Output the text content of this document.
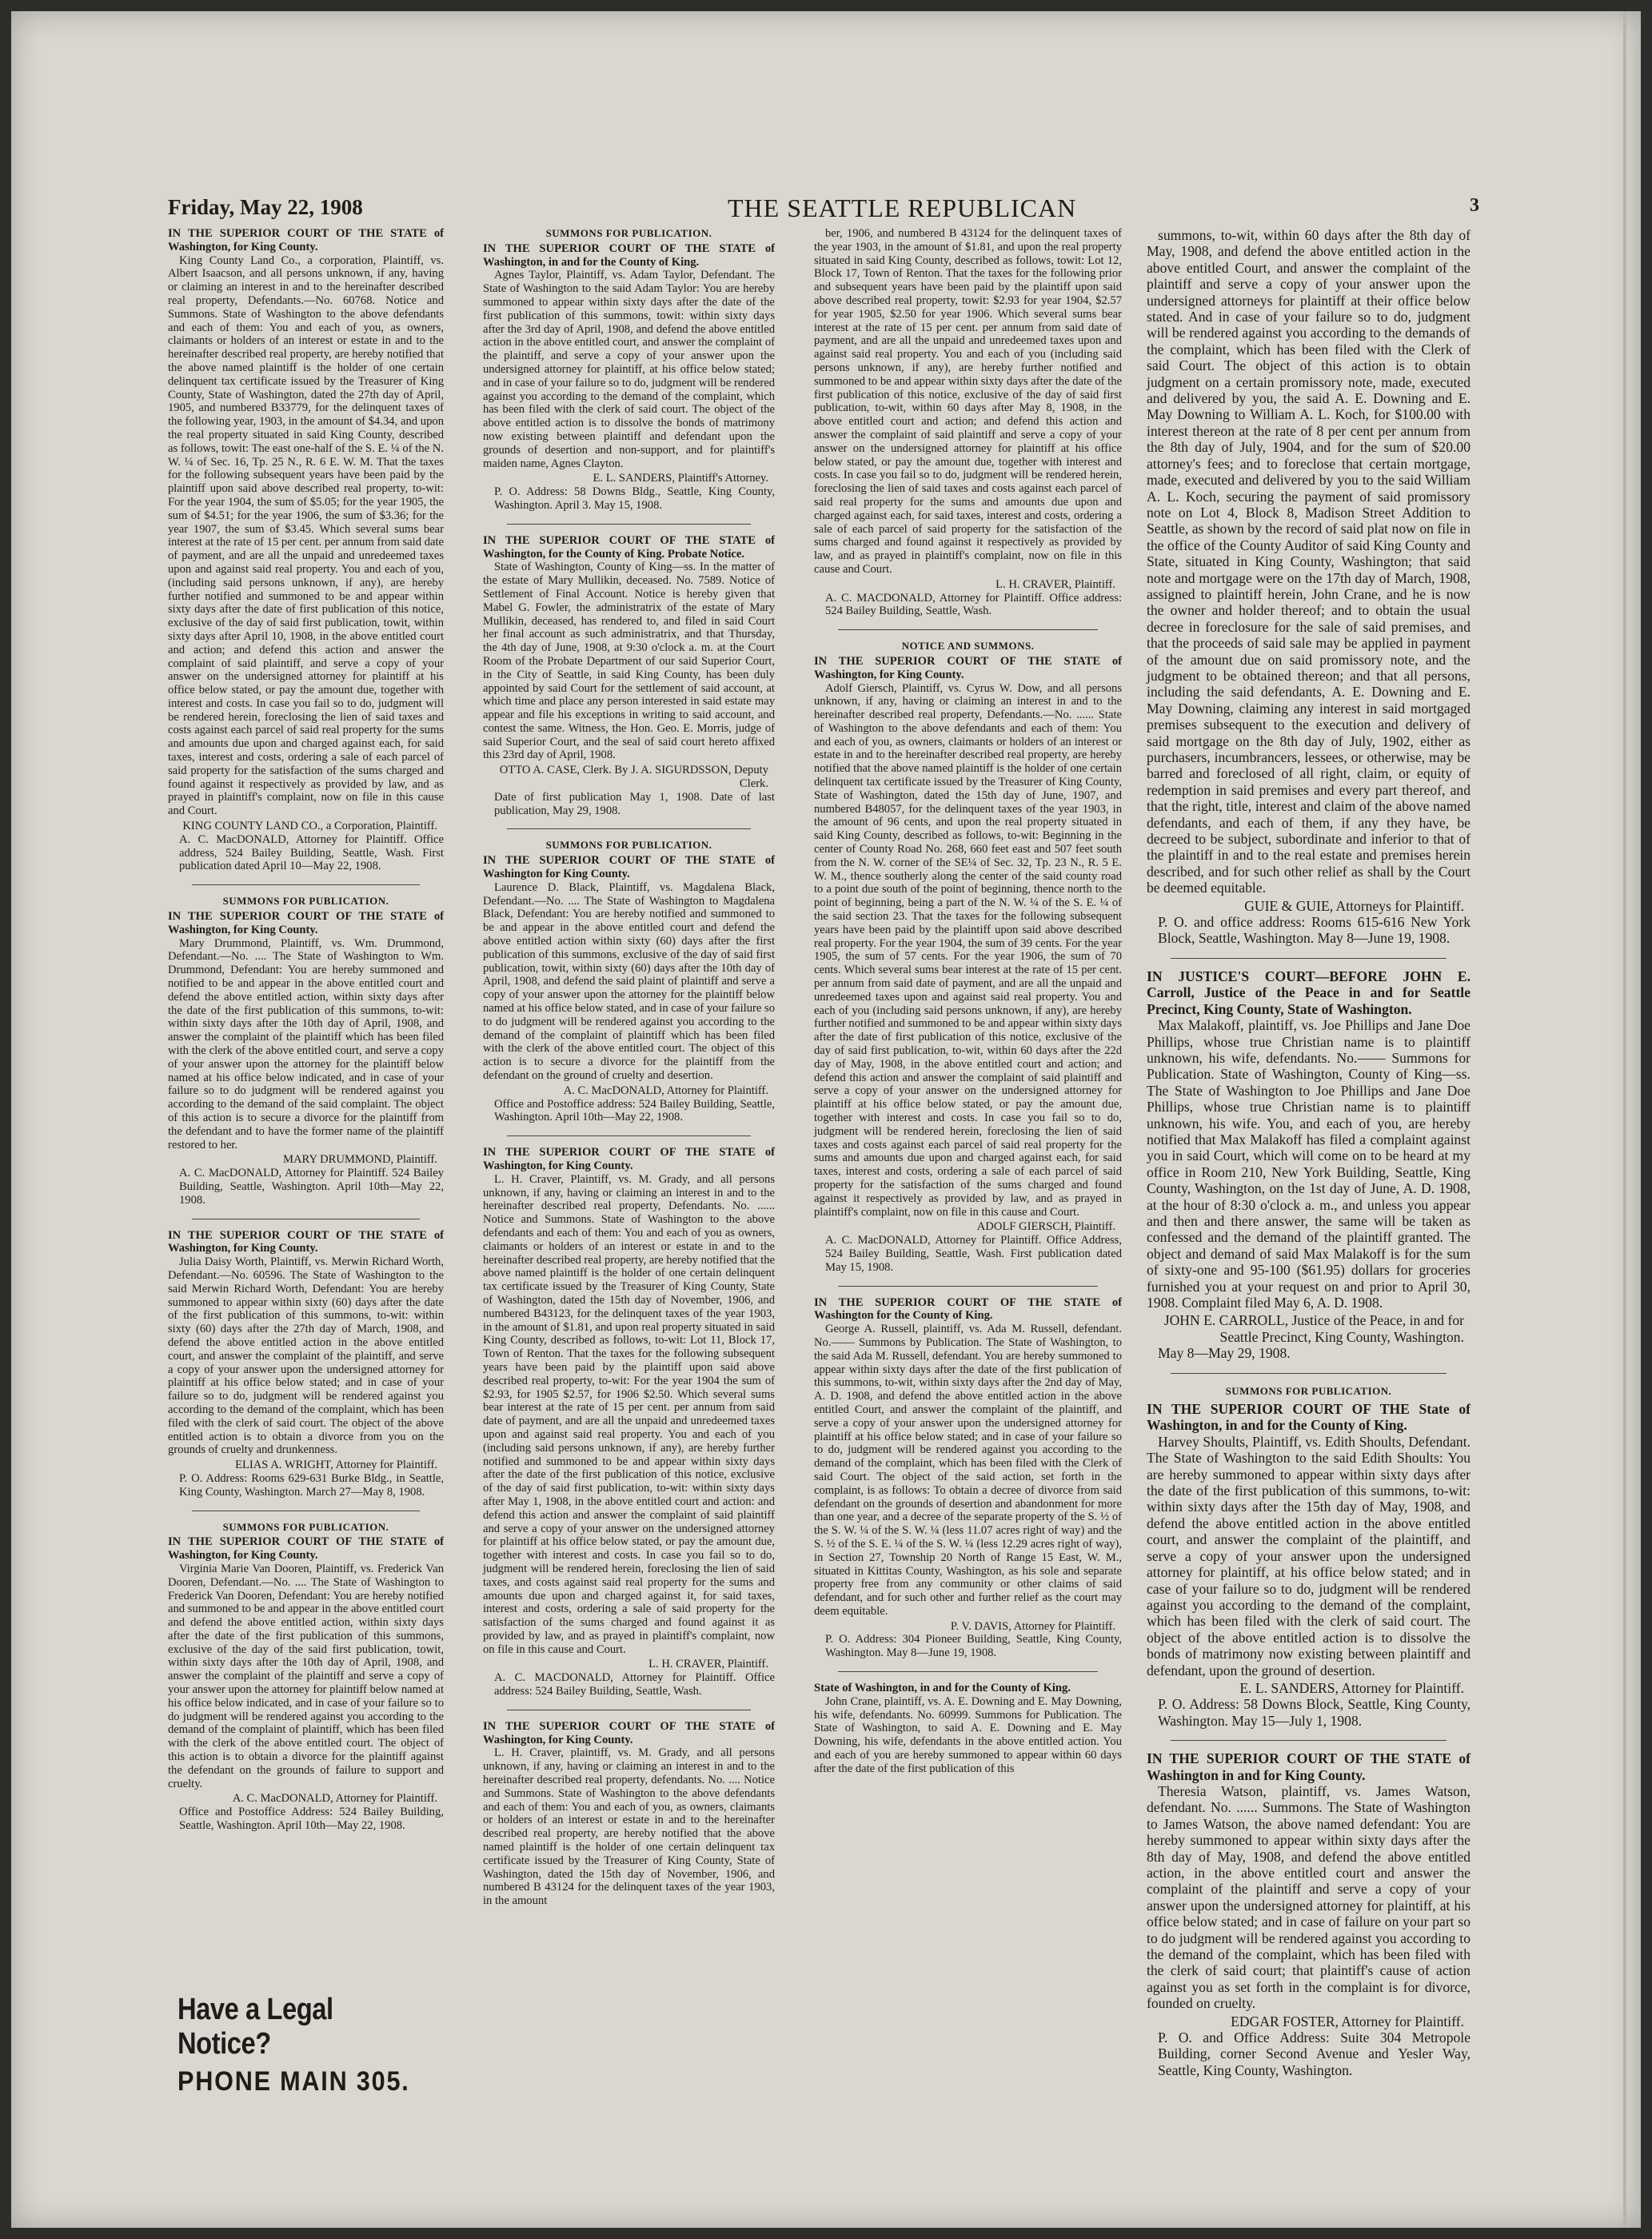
Friday, May 22, 1908	THE SEATTLE REPUBLICAN	3

IN THE SUPERIOR COURT OF THE STATE of Washington, for King County.

King County Land Co., a corporation, Plaintiff, vs. Albert Isaacson, and all persons unknown, if any, having or claiming an interest in and to the hereinafter described real property, Defendants.—No. 60768. Notice and Summons. State of Washington to the above defendants and each of them: You and each of you, as owners, claimants or holders of an interest or estate in and to the hereinafter described real property, are hereby notified that the above named plaintiff is the holder of one certain delinquent tax certificate issued by the Treasurer of King County, State of Washington, dated the 27th day of April, 1905, and numbered B33779, for the delinquent taxes of the following year, 1903, in the amount of $4.34, and upon the real property situated in said King County, described as follows, towit: The east one-half of the S. E. ¼ of the N. W. ¼ of Sec. 16, Tp. 25 N., R. 6 E. W. M. That the taxes for the following subsequent years have been paid by the plaintiff upon said above described real property, to-wit: For the year 1904, the sum of $5.05; for the year 1905, the sum of $4.51; for the year 1906, the sum of $3.36; for the year 1907, the sum of $3.45. Which several sums bear interest at the rate of 15 per cent. per annum from said date of payment, and are all the unpaid and unredeemed taxes upon and against said real property. You and each of you, (including said persons unknown, if any), are hereby further notified and summoned to be and appear within sixty days after the date of first publication of this notice, exclusive of the day of said first publication, towit, within sixty days after April 10, 1908, in the above entitled court and action; and defend this action and answer the complaint of said plaintiff, and serve a copy of your answer on the undersigned attorney for plaintiff at his office below stated, or pay the amount due, together with interest and costs. In case you fail so to do, judgment will be rendered herein, foreclosing the lien of said taxes and costs against each parcel of said real property for the sums and amounts due upon and charged against each, for said taxes, interest and costs, ordering a sale of each parcel of said property for the satisfaction of the sums charged and found against it respectively as provided by law, and as prayed in plaintiff's complaint, now on file in this cause and Court.

KING COUNTY LAND CO., a Corporation, Plaintiff.

A. C. MacDONALD, Attorney for Plaintiff. Office address, 524 Bailey Building, Seattle, Wash. First publication dated April 10—May 22, 1908.

SUMMONS FOR PUBLICATION.

IN THE SUPERIOR COURT OF THE STATE of Washington, for King County.

Mary Drummond, Plaintiff, vs. Wm. Drummond, Defendant.—No. .... The State of Washington to Wm. Drummond, Defendant: You are hereby summoned and notified to be and appear in the above entitled court and defend the above entitled action, within sixty days after the date of the first publication of this summons, to-wit: within sixty days after the 10th day of April, 1908, and answer the complaint of the plaintiff which has been filed with the clerk of the above entitled court, and serve a copy of your answer upon the attorney for the plaintiff below named at his office below indicated, and in case of your failure so to do judgment will be rendered against you according to the demand of the said complaint. The object of this action is to secure a divorce for the plaintiff from the defendant and to have the former name of the plaintiff restored to her.

MARY DRUMMOND, Plaintiff.

A. C. MacDONALD, Attorney for Plaintiff. 524 Bailey Building, Seattle, Washington. April 10th—May 22, 1908.

IN THE SUPERIOR COURT OF THE STATE of Washington, for King County.

Julia Daisy Worth, Plaintiff, vs. Merwin Richard Worth, Defendant.—No. 60596. The State of Washington to the said Merwin Richard Worth, Defendant: You are hereby summoned to appear within sixty (60) days after the date of the first publication of this summons, to-wit: within sixty (60) days after the 27th day of March, 1908, and defend the above entitled action in the above entitled court, and answer the complaint of the plaintiff, and serve a copy of your answer upon the undersigned attorney for plaintiff at his office below stated; and in case of your failure so to do, judgment will be rendered against you according to the demand of the complaint, which has been filed with the clerk of said court. The object of the above entitled action is to obtain a divorce from you on the grounds of cruelty and drunkenness.

ELIAS A. WRIGHT, Attorney for Plaintiff.

P. O. Address: Rooms 629-631 Burke Bldg., in Seattle, King County, Washington. March 27—May 8, 1908.

SUMMONS FOR PUBLICATION.

IN THE SUPERIOR COURT OF THE STATE of Washington, for King County.

Virginia Marie Van Dooren, Plaintiff, vs. Frederick Van Dooren, Defendant.—No. .... The State of Washington to Frederick Van Dooren, Defendant: You are hereby notified and summoned to be and appear in the above entitled court and defend the above entitled action, within sixty days after the date of the first publication of this summons, exclusive of the day of the said first publication, towit, within sixty days after the 10th day of April, 1908, and answer the complaint of the plaintiff and serve a copy of your answer upon the attorney for plaintiff below named at his office below indicated, and in case of your failure so to do judgment will be rendered against you according to the demand of the complaint of plaintiff, which has been filed with the clerk of the above entitled court. The object of this action is to obtain a divorce for the plaintiff against the defendant on the grounds of failure to support and cruelty.

A. C. MacDONALD, Attorney for Plaintiff.

Office and Postoffice Address: 524 Bailey Building, Seattle, Washington. April 10th—May 22, 1908.

SUMMONS FOR PUBLICATION.

IN THE SUPERIOR COURT OF THE STATE of Washington, in and for the County of King.

Agnes Taylor, Plaintiff, vs. Adam Taylor, Defendant. The State of Washington to the said Adam Taylor: You are hereby summoned to appear within sixty days after the date of the first publication of this summons, towit: within sixty days after the 3rd day of April, 1908, and defend the above entitled action in the above entitled court, and answer the complaint of the plaintiff, and serve a copy of your answer upon the undersigned attorney for plaintiff, at his office below stated; and in case of your failure so to do, judgment will be rendered against you according to the demand of the complaint, which has been filed with the clerk of said court. The object of the above entitled action is to dissolve the bonds of matrimony now existing between plaintiff and defendant upon the grounds of desertion and non-support, and for plaintiff's maiden name, Agnes Clayton.

E. L. SANDERS, Plaintiff's Attorney.

P. O. Address: 58 Downs Bldg., Seattle, King County, Washington. April 3. May 15, 1908.

IN THE SUPERIOR COURT OF THE STATE of Washington, for the County of King. Probate Notice.

State of Washington, County of King—ss. In the matter of the estate of Mary Mullikin, deceased. No. 7589. Notice of Settlement of Final Account. Notice is hereby given that Mabel G. Fowler, the administratrix of the estate of Mary Mullikin, deceased, has rendered to, and filed in said Court her final account as such administratrix, and that Thursday, the 4th day of June, 1908, at 9:30 o'clock a. m. at the Court Room of the Probate Department of our said Superior Court, in the City of Seattle, in said King County, has been duly appointed by said Court for the settlement of said account, at which time and place any person interested in said estate may appear and file his exceptions in writing to said account, and contest the same. Witness, the Hon. Geo. E. Morris, judge of said Superior Court, and the seal of said court hereto affixed this 23rd day of April, 1908.

OTTO A. CASE, Clerk. By J. A. SIGURDSSON, Deputy Clerk.

Date of first publication May 1, 1908. Date of last publication, May 29, 1908.

SUMMONS FOR PUBLICATION.

IN THE SUPERIOR COURT OF THE STATE of Washington for King County.

Laurence D. Black, Plaintiff, vs. Magdalena Black, Defendant.—No. .... The State of Washington to Magdalena Black, Defendant: You are hereby notified and summoned to be and appear in the above entitled court and defend the above entitled action within sixty (60) days after the first publication of this summons, exclusive of the day of said first publication, towit, within sixty (60) days after the 10th day of April, 1908, and defend the said plaint of plaintiff and serve a copy of your answer upon the attorney for the plaintiff below named at his office below stated, and in case of your failure so to do judgment will be rendered against you according to the demand of the complaint of plaintiff which has been filed with the clerk of the above entitled court. The object of this action is to secure a divorce for the plaintiff from the defendant on the ground of cruelty and desertion.

A. C. MacDONALD, Attorney for Plaintiff.

Office and Postoffice address: 524 Bailey Building, Seattle, Washington. April 10th—May 22, 1908.

IN THE SUPERIOR COURT OF THE STATE of Washington, for King County.

L. H. Craver, Plaintiff, vs. M. Grady, and all persons unknown, if any, having or claiming an interest in and to the hereinafter described real property, Defendants. No. ...... Notice and Summons. State of Washington to the above defendants and each of them: You and each of you as owners, claimants or holders of an interest or estate in and to the hereinafter described real property, are hereby notified that the above named plaintiff is the holder of one certain delinquent tax certificate issued by the Treasurer of King County, State of Washington, dated the 15th day of November, 1906, and numbered B43123, for the delinquent taxes of the year 1903, in the amount of $1.81, and upon real property situated in said King County, described as follows, to-wit: Lot 11, Block 17, Town of Renton. That the taxes for the following subsequent years have been paid by the plaintiff upon said above described real property, to-wit: For the year 1904 the sum of $2.93, for 1905 $2.57, for 1906 $2.50. Which several sums bear interest at the rate of 15 per cent. per annum from said date of payment, and are all the unpaid and unredeemed taxes upon and against said real property. You and each of you (including said persons unknown, if any), are hereby further notified and summoned to be and appear within sixty days after the date of the first publication of this notice, exclusive of the day of said first publication, to-wit: within sixty days after May 1, 1908, in the above entitled court and action: and defend this action and answer the complaint of said plaintiff and serve a copy of your answer on the undersigned attorney for plaintiff at his office below stated, or pay the amount due, together with interest and costs. In case you fail so to do, judgment will be rendered herein, foreclosing the lien of said taxes, and costs against said real property for the sums and amounts due upon and charged against it, for said taxes, interest and costs, ordering a sale of said property for the satisfaction of the sums charged and found against it as provided by law, and as prayed in plaintiff's complaint, now on file in this cause and Court.

L. H. CRAVER, Plaintiff.

A. C. MACDONALD, Attorney for Plaintiff. Office address: 524 Bailey Building, Seattle, Wash.

IN THE SUPERIOR COURT OF THE STATE of Washington, for King County.

L. H. Craver, plaintiff, vs. M. Grady, and all persons unknown, if any, having or claiming an interest in and to the hereinafter described real property, defendants. No. .... Notice and Summons. State of Washington to the above defendants and each of them: You and each of you, as owners, claimants or holders of an interest or estate in and to the hereinafter described real property, are hereby notified that the above named plaintiff is the holder of one certain delinquent tax certificate issued by the Treasurer of King County, State of Washington, dated the 15th day of November, 1906, and numbered B 43124 for the delinquent taxes of the year 1903, in the amount

ber, 1906, and numbered B 43124 for the delinquent taxes of the year 1903, in the amount of $1.81, and upon the real property situated in said King County, described as follows, towit: Lot 12, Block 17, Town of Renton. That the taxes for the following prior and subsequent years have been paid by the plaintiff upon said above described real property, towit: $2.93 for year 1904, $2.57 for year 1905, $2.50 for year 1906. Which several sums bear interest at the rate of 15 per cent. per annum from said date of payment, and are all the unpaid and unredeemed taxes upon and against said real property. You and each of you (including said persons unknown, if any), are hereby further notified and summoned to be and appear within sixty days after the date of the first publication of this notice, exclusive of the day of said first publication, to-wit, within 60 days after May 8, 1908, in the above entitled court and action; and defend this action and answer the complaint of said plaintiff and serve a copy of your answer on the undersigned attorney for plaintiff at his office below stated, or pay the amount due, together with interest and costs. In case you fail so to do, judgment will be rendered herein, foreclosing the lien of said taxes and costs against each parcel of said real property for the sums and amounts due upon and charged against each, for said taxes, interest and costs, ordering a sale of each parcel of said property for the satisfaction of the sums charged and found against it respectively as provided by law, and as prayed in plaintiff's complaint, now on file in this cause and Court.

L. H. CRAVER, Plaintiff.

A. C. MACDONALD, Attorney for Plaintiff. Office address: 524 Bailey Building, Seattle, Wash.

NOTICE AND SUMMONS.

IN THE SUPERIOR COURT OF THE STATE of Washington, for King County.

Adolf Giersch, Plaintiff, vs. Cyrus W. Dow, and all persons unknown, if any, having or claiming an interest in and to the hereinafter described real property, Defendants.—No. ...... State of Washington to the above defendants and each of them: You and each of you, as owners, claimants or holders of an interest or estate in and to the hereinafter described real property, are hereby notified that the above named plaintiff is the holder of one certain delinquent tax certificate issued by the Treasurer of King County, State of Washington, dated the 15th day of June, 1907, and numbered B48057, for the delinquent taxes of the year 1903, in the amount of 96 cents, and upon the real property situated in said King County, described as follows, to-wit: Beginning in the center of County Road No. 268, 660 feet east and 507 feet south from the N. W. corner of the SE¼ of Sec. 32, Tp. 23 N., R. 5 E. W. M., thence southerly along the center of the said county road to a point due south of the point of beginning, thence north to the point of beginning, being a part of the N. W. ¼ of the S. E. ¼ of the said section 23. That the taxes for the following subsequent years have been paid by the plaintiff upon said above described real property. For the year 1904, the sum of 39 cents. For the year 1905, the sum of 57 cents. For the year 1906, the sum of 70 cents. Which several sums bear interest at the rate of 15 per cent. per annum from said date of payment, and are all the unpaid and unredeemed taxes upon and against said real property. You and each of you (including said persons unknown, if any), are hereby further notified and summoned to be and appear within sixty days after the date of first publication of this notice, exclusive of the day of said first publication, to-wit, within 60 days after the 22d day of May, 1908, in the above entitled court and action; and defend this action and answer the complaint of said plaintiff and serve a copy of your answer on the undersigned attorney for plaintiff at his office below stated, or pay the amount due, together with interest and costs. In case you fail so to do, judgment will be rendered herein, foreclosing the lien of said taxes and costs against each parcel of said real property for the sums and amounts due upon and charged against each, for said taxes, interest and costs, ordering a sale of each parcel of said property for the satisfaction of the sums charged and found against it respectively as provided by law, and as prayed in plaintiff's complaint, now on file in this cause and Court.

ADOLF GIERSCH, Plaintiff.

A. C. MacDONALD, Attorney for Plaintiff. Office Address, 524 Bailey Building, Seattle, Wash. First publication dated May 15, 1908.

IN THE SUPERIOR COURT OF THE STATE of Washington for the County of King.

George A. Russell, plaintiff, vs. Ada M. Russell, defendant. No.—— Summons by Publication. The State of Washington, to the said Ada M. Russell, defendant. You are hereby summoned to appear within sixty days after the date of the first publication of this summons, to-wit, within sixty days after the 2nd day of May, A. D. 1908, and defend the above entitled action in the above entitled Court, and answer the complaint of the plaintiff, and serve a copy of your answer upon the undersigned attorney for plaintiff at his office below stated; and in case of your failure so to do, judgment will be rendered against you according to the demand of the complaint, which has been filed with the Clerk of said Court. The object of the said action, set forth in the complaint, is as follows: To obtain a decree of divorce from said defendant on the grounds of desertion and abandonment for more than one year, and a decree of the separate property of the S. ½ of the S. W. ¼ of the S. W. ¼ (less 11.07 acres right of way) and the S. ½ of the S. E. ¼ of the S. W. ¼ (less 12.29 acres right of way), in Section 27, Township 20 North of Range 15 East, W. M., situated in Kittitas County, Washington, as his sole and separate property free from any community or other claims of said defendant, and for such other and further relief as the court may deem equitable.

P. V. DAVIS, Attorney for Plaintiff.

P. O. Address: 304 Pioneer Building, Seattle, King County, Washington. May 8—June 19, 1908.

State of Washington, in and for the County of King.

John Crane, plaintiff, vs. A. E. Downing and E. May Downing, his wife, defendants. No. 60999. Summons for Publication. The State of Washington, to said A. E. Downing and E. May Downing, his wife, defendants in the above entitled action. You and each of you are hereby summoned to appear within 60 days after the date of the first publication of this

summons, to-wit, within 60 days after the 8th day of May, 1908, and defend the above entitled action in the above entitled Court, and answer the complaint of the plaintiff and serve a copy of your answer upon the undersigned attorneys for plaintiff at their office below stated. And in case of your failure so to do, judgment will be rendered against you according to the demands of the complaint, which has been filed with the Clerk of said Court. The object of this action is to obtain judgment on a certain promissory note, made, executed and delivered by you, the said A. E. Downing and E. May Downing to William A. L. Koch, for $100.00 with interest thereon at the rate of 8 per cent per annum from the 8th day of July, 1904, and for the sum of $20.00 attorney's fees; and to foreclose that certain mortgage, made, executed and delivered by you to the said William A. L. Koch, securing the payment of said promissory note on Lot 4, Block 8, Madison Street Addition to Seattle, as shown by the record of said plat now on file in the office of the County Auditor of said King County and State, situated in King County, Washington; that said note and mortgage were on the 17th day of March, 1908, assigned to plaintiff herein, John Crane, and he is now the owner and holder thereof; and to obtain the usual decree in foreclosure for the sale of said premises, and that the proceeds of said sale may be applied in payment of the amount due on said promissory note, and the judgment to be obtained thereon; and that all persons, including the said defendants, A. E. Downing and E. May Downing, claiming any interest in said mortgaged premises subsequent to the execution and delivery of said mortgage on the 8th day of July, 1902, either as purchasers, incumbrancers, lessees, or otherwise, may be barred and foreclosed of all right, claim, or equity of redemption in said premises and every part thereof, and that the right, title, interest and claim of the above named defendants, and each of them, if any they have, be decreed to be subject, subordinate and inferior to that of the plaintiff in and to the real estate and premises herein described, and for such other relief as shall by the Court be deemed equitable.

GUIE & GUIE, Attorneys for Plaintiff.

P. O. and office address: Rooms 615-616 New York Block, Seattle, Washington. May 8—June 19, 1908.

IN JUSTICE'S COURT—BEFORE JOHN E. Carroll, Justice of the Peace in and for Seattle Precinct, King County, State of Washington.

Max Malakoff, plaintiff, vs. Joe Phillips and Jane Doe Phillips, whose true Christian name is to plaintiff unknown, his wife, defendants. No.—— Summons for Publication. State of Washington, County of King—ss. The State of Washington to Joe Phillips and Jane Doe Phillips, whose true Christian name is to plaintiff unknown, his wife. You, and each of you, are hereby notified that Max Malakoff has filed a complaint against you in said Court, which will come on to be heard at my office in Room 210, New York Building, Seattle, King County, Washington, on the 1st day of June, A. D. 1908, at the hour of 8:30 o'clock a. m., and unless you appear and then and there answer, the same will be taken as confessed and the demand of the plaintiff granted. The object and demand of said Max Malakoff is for the sum of sixty-one and 95-100 ($61.95) dollars for groceries furnished you at your request on and prior to April 30, 1908. Complaint filed May 6, A. D. 1908.

JOHN E. CARROLL, Justice of the Peace, in and for Seattle Precinct, King County, Washington.

May 8—May 29, 1908.

SUMMONS FOR PUBLICATION.

IN THE SUPERIOR COURT OF THE State of Washington, in and for the County of King.

Harvey Shoults, Plaintiff, vs. Edith Shoults, Defendant. The State of Washington to the said Edith Shoults: You are hereby summoned to appear within sixty days after the date of the first publication of this summons, to-wit: within sixty days after the 15th day of May, 1908, and defend the above entitled action in the above entitled court, and answer the complaint of the plaintiff, and serve a copy of your answer upon the undersigned attorney for plaintiff, at his office below stated; and in case of your failure so to do, judgment will be rendered against you according to the demand of the complaint, which has been filed with the clerk of said court. The object of the above entitled action is to dissolve the bonds of matrimony now existing between plaintiff and defendant, upon the ground of desertion.

E. L. SANDERS, Attorney for Plaintiff.

P. O. Address: 58 Downs Block, Seattle, King County, Washington. May 15—July 1, 1908.

IN THE SUPERIOR COURT OF THE STATE of Washington in and for King County.

Theresia Watson, plaintiff, vs. James Watson, defendant. No. ...... Summons. The State of Washington to James Watson, the above named defendant: You are hereby summoned to appear within sixty days after the 8th day of May, 1908, and defend the above entitled action, in the above entitled court and answer the complaint of the plaintiff and serve a copy of your answer upon the undersigned attorney for plaintiff, at his office below stated; and in case of failure on your part so to do judgment will be rendered against you according to the demand of the complaint, which has been filed with the clerk of said court; that plaintiff's cause of action against you as set forth in the complaint is for divorce, founded on cruelty.

EDGAR FOSTER, Attorney for Plaintiff.

P. O. and Office Address: Suite 304 Metropole Building, corner Second Avenue and Yesler Way, Seattle, King County, Washington.

Have a Legal Notice?
PHONE MAIN 305.
